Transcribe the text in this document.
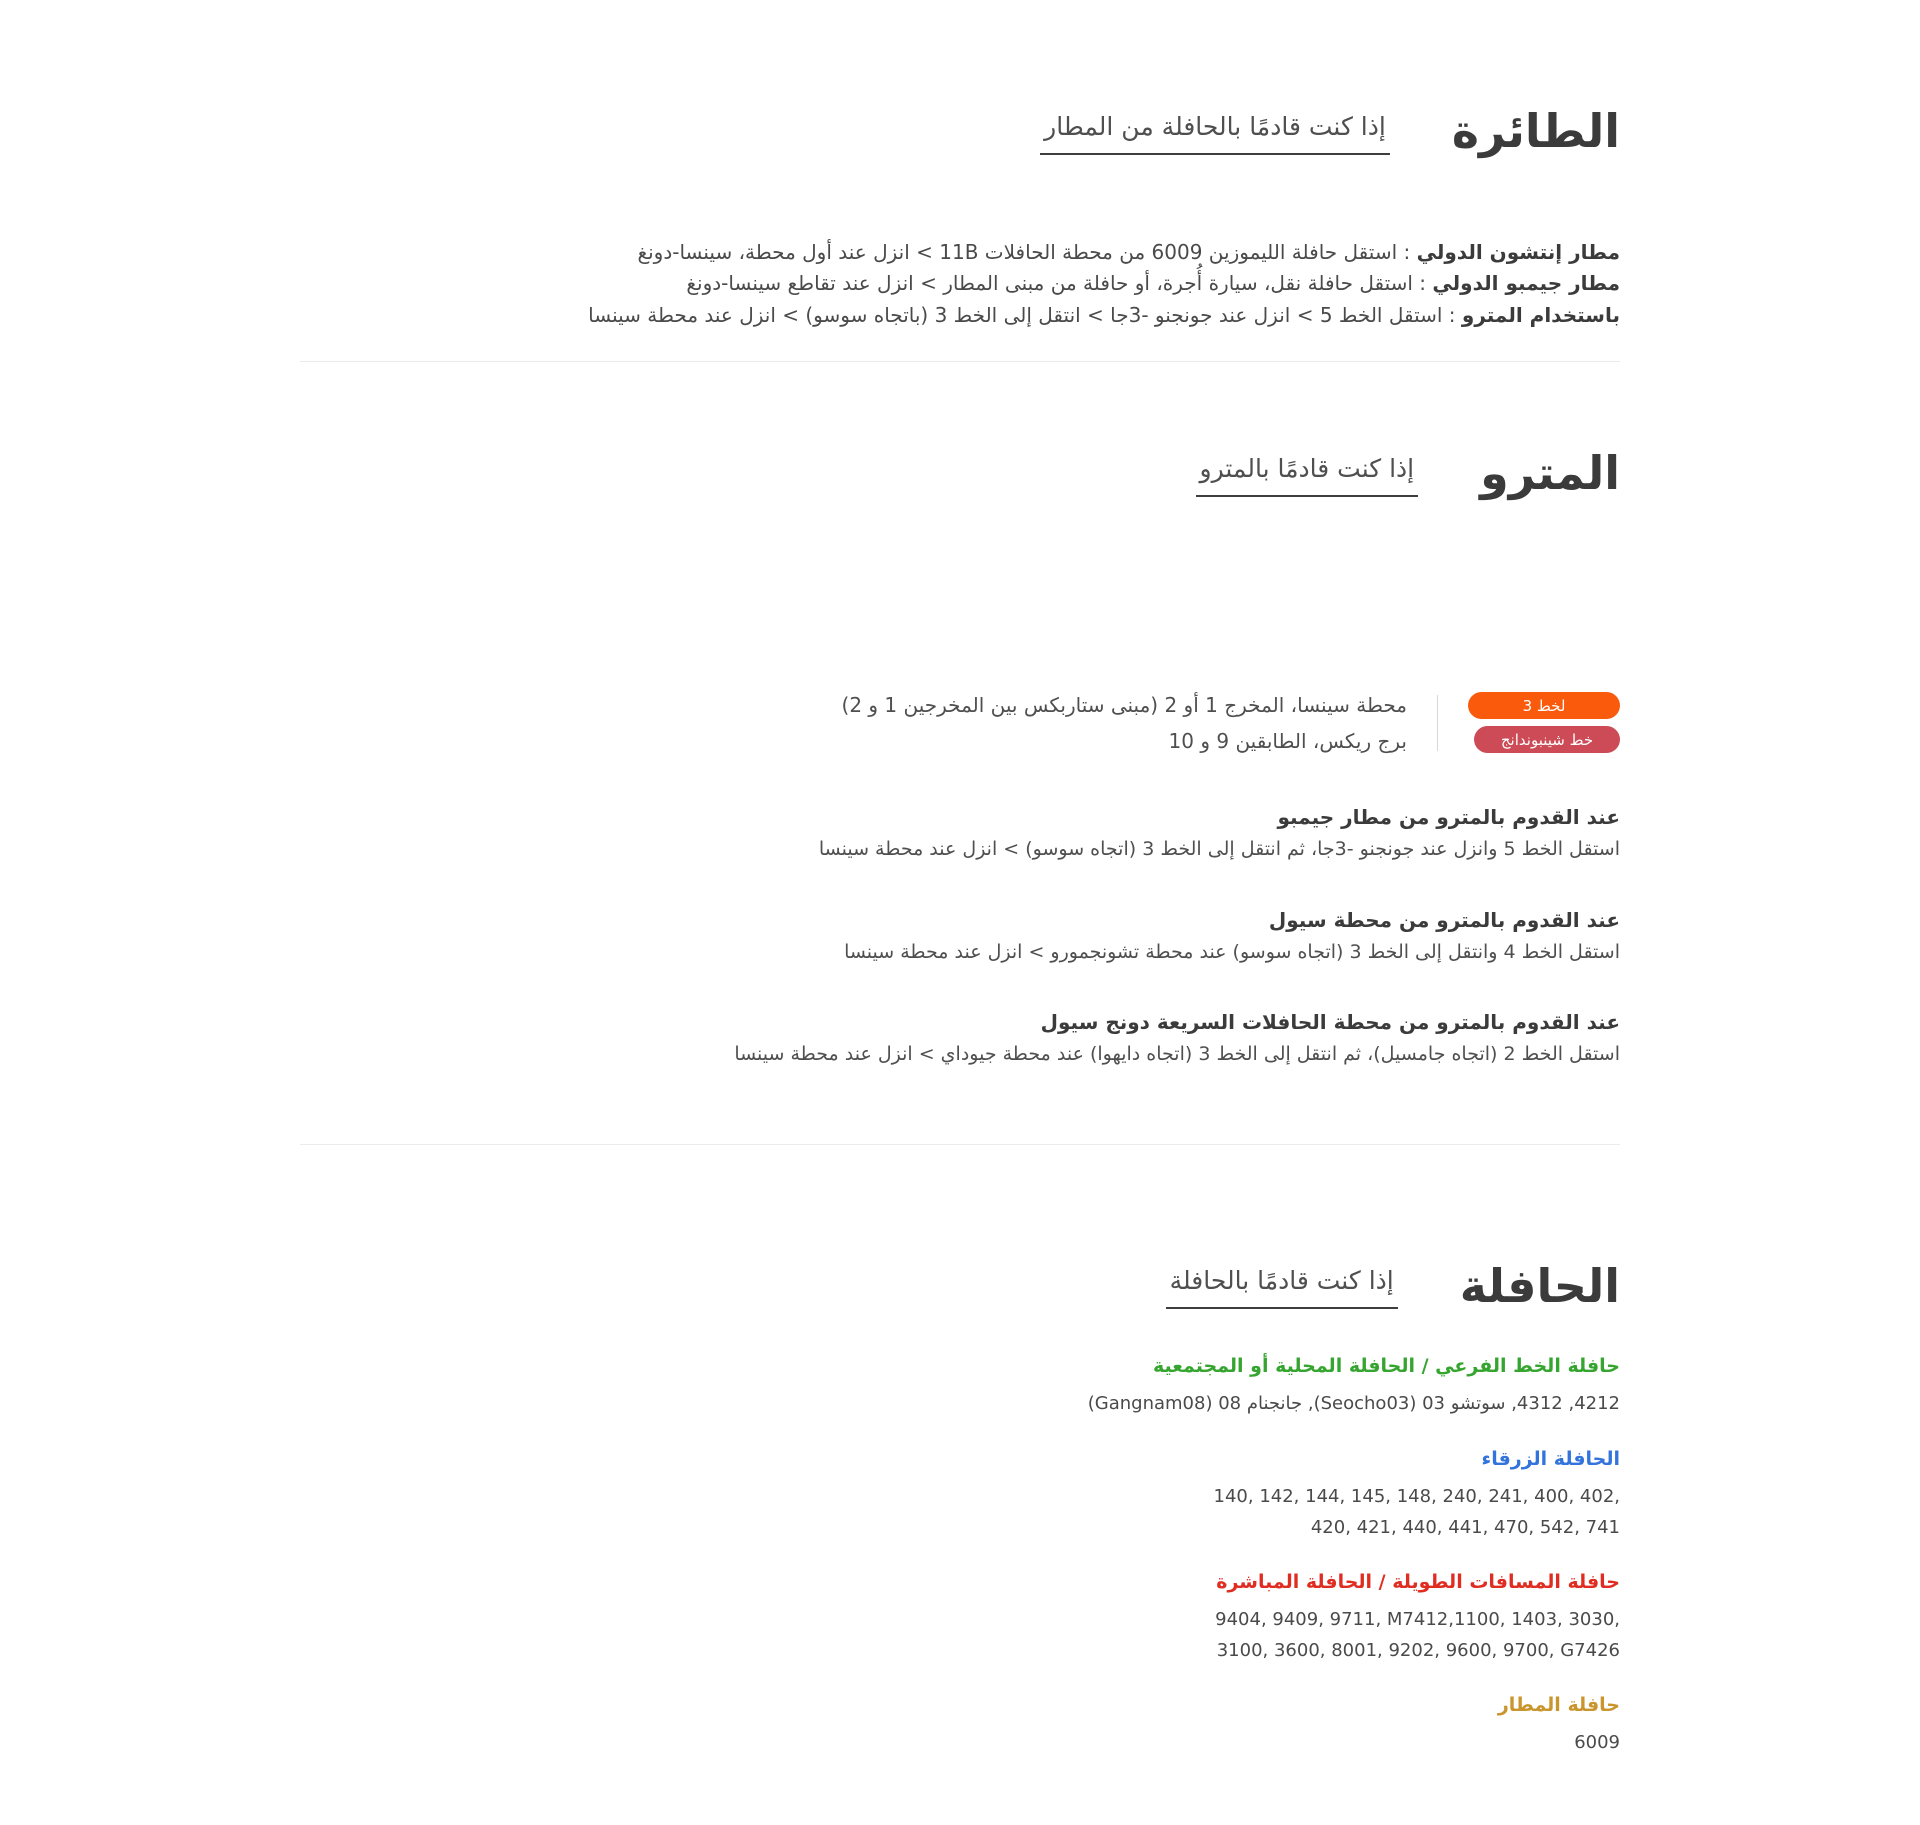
الطائرة
إذا كنت قادمًا بالحافلة من المطار
مطار إنتشون الدولي : استقل حافلة الليموزين 6009 من محطة الحافلات 11B > انزل عند أول محطة، سينسا-دونغ
مطار جيمبو الدولي : استقل حافلة نقل، سيارة أُجرة، أو حافلة من مبنى المطار > انزل عند تقاطع سينسا-دونغ
باستخدام المترو : استقل الخط 5 > انزل عند جونجنو -3جا > انتقل إلى الخط 3 (باتجاه سوسو) > انزل عند محطة سينسا
المترو
إذا كنت قادمًا بالمترو
لخط 3
خط شينبوندانج
محطة سينسا، المخرج 1 أو 2 (مبنى ستاربكس بين المخرجين 1 و 2)
برج ريكس، الطابقين 9 و 10
عند القدوم بالمترو من مطار جيمبو

استقل الخط 5 وانزل عند جونجنو -3جا، ثم انتقل إلى الخط 3 (اتجاه سوسو) > انزل عند محطة سينسا

عند القدوم بالمترو من محطة سيول

استقل الخط 4 وانتقل إلى الخط 3 (اتجاه سوسو) عند محطة تشونجمورو > انزل عند محطة سينسا

عند القدوم بالمترو من محطة الحافلات السريعة دونج سيول

استقل الخط 2 (اتجاه جامسيل)، ثم انتقل إلى الخط 3 (اتجاه دايهوا) عند محطة جيوداي > انزل عند محطة سينسا

الحافلة
إذا كنت قادمًا بالحافلة
حافلة الخط الفرعي / الحافلة المحلية أو المجتمعية
4212, 4312, سوتشو 03 (Seocho03), جانجنام 08 (Gangnam08)
الحافلة الزرقاء
140, 142, 144, 145, 148, 240, 241, 400, 402,
420, 421, 440, 441, 470, 542, 741
حافلة المسافات الطويلة / الحافلة المباشرة
9404, 9409, 9711, M7412,1100, 1403, 3030,
3100, 3600, 8001, 9202, 9600, 9700, G7426
حافلة المطار
6009
